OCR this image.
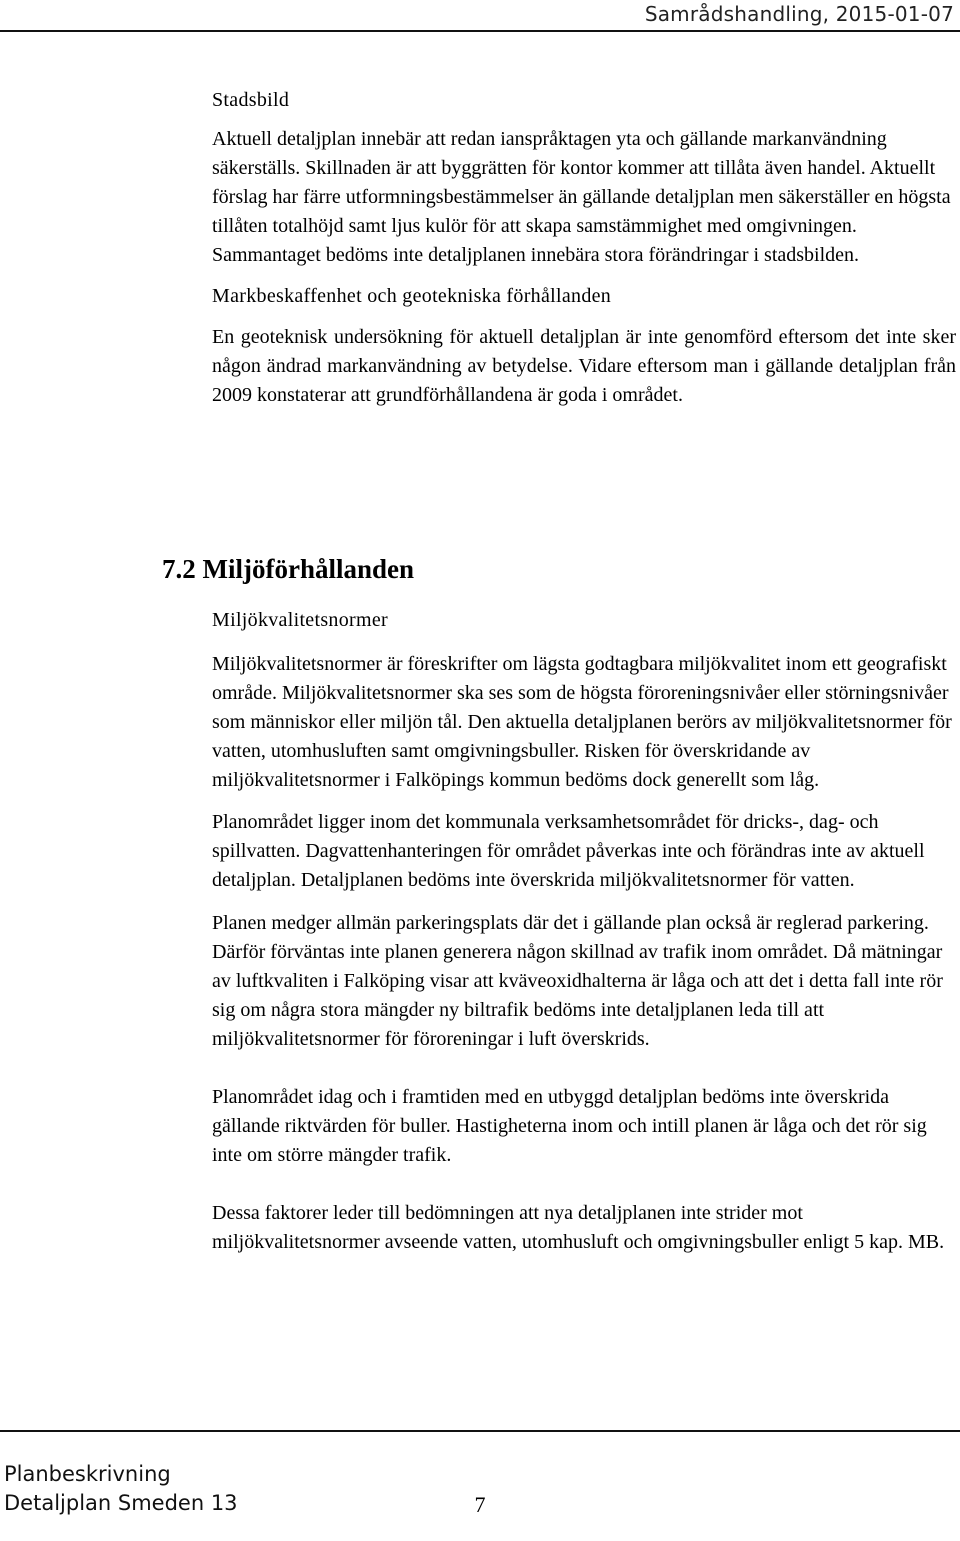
Samrådshandling, 2015-01-07

Stadsbild

Aktuell detaljplan innebär att redan ianspråktagen yta och gällande markanvändning säkerställs. Skillnaden är att byggrätten för kontor kommer att tillåta även handel. Aktuellt förslag har färre utformningsbestämmelser än gällande detaljplan men säkerställer en högsta tillåten totalhöjd samt ljus kulör för att skapa samstämmighet med omgivningen. Sammantaget bedöms inte detaljplanen innebära stora förändringar i stadsbilden.

Markbeskaffenhet och geotekniska förhållanden

En geoteknisk undersökning för aktuell detaljplan är inte genomförd eftersom det inte sker någon ändrad markanvändning av betydelse. Vidare eftersom man i gällande detaljplan från 2009 konstaterar att grundförhållandena är goda i området.

7.2 Miljöförhållanden

Miljökvalitetsnormer

Miljökvalitetsnormer är föreskrifter om lägsta godtagbara miljökvalitet inom ett geografiskt område. Miljökvalitetsnormer ska ses som de högsta föroreningsnivåer eller störningsnivåer som människor eller miljön tål. Den aktuella detaljplanen berörs av miljökvalitetsnormer för vatten, utomhusluften samt omgivningsbuller. Risken för överskridande av miljökvalitetsnormer i Falköpings kommun bedöms dock generellt som låg.

Planområdet ligger inom det kommunala verksamhetsområdet för dricks-, dag- och spillvatten. Dagvattenhanteringen för området påverkas inte och förändras inte av aktuell detaljplan. Detaljplanen bedöms inte överskrida miljökvalitetsnormer för vatten.

Planen medger allmän parkeringsplats där det i gällande plan också är reglerad parkering. Därför förväntas inte planen generera någon skillnad av trafik inom området. Då mätningar av luftkvaliten i Falköping visar att kväveoxidhalterna är låga och att det i detta fall inte rör sig om några stora mängder ny biltrafik bedöms inte detaljplanen leda till att miljökvalitetsnormer för föroreningar i luft överskrids.

Planområdet idag och i framtiden med en utbyggd detaljplan bedöms inte överskrida gällande riktvärden för buller. Hastigheterna inom och intill planen är låga och det rör sig inte om större mängder trafik.

Dessa faktorer leder till bedömningen att nya detaljplanen inte strider mot miljökvalitetsnormer avseende vatten, utomhusluft och omgivningsbuller enligt 5 kap. MB.

Planbeskrivning
Detaljplan Smeden 13	7
